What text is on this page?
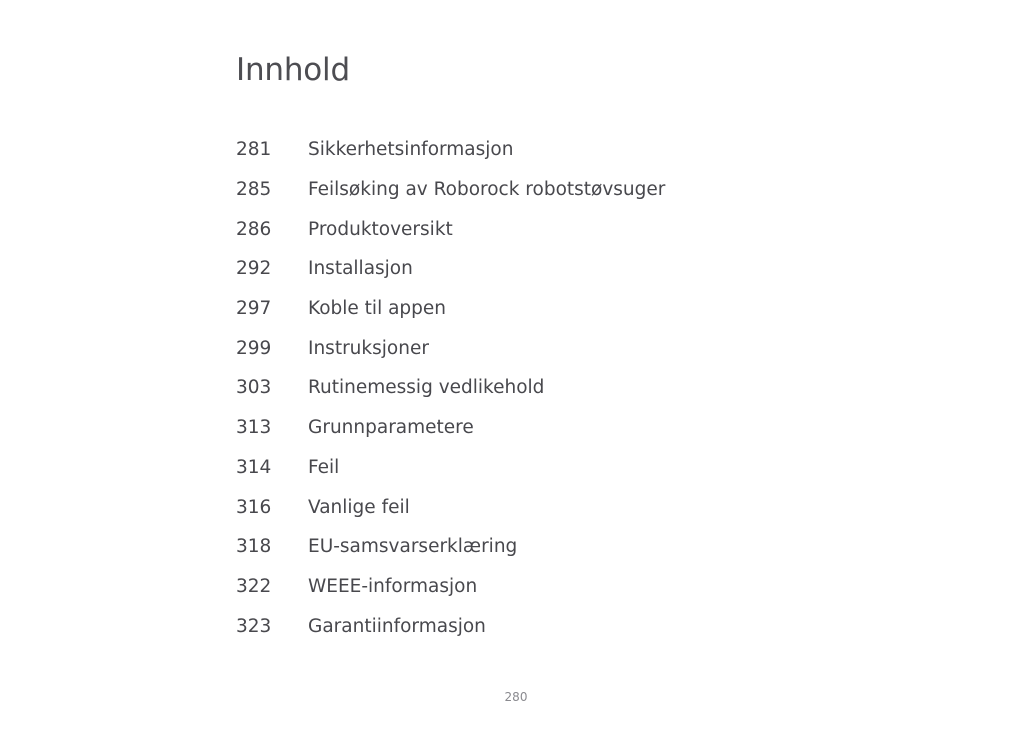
Innhold
281	Sikkerhetsinformasjon
285	Feilsøking av Roborock robotstøvsuger
286	Produktoversikt
292	Installasjon
297	Koble til appen
299	Instruksjoner
303	Rutinemessig vedlikehold
313	Grunnparametere
314	Feil
316	Vanlige feil
318	EU-samsvarserklæring
322	WEEE-informasjon
323	Garantiinformasjon
280
